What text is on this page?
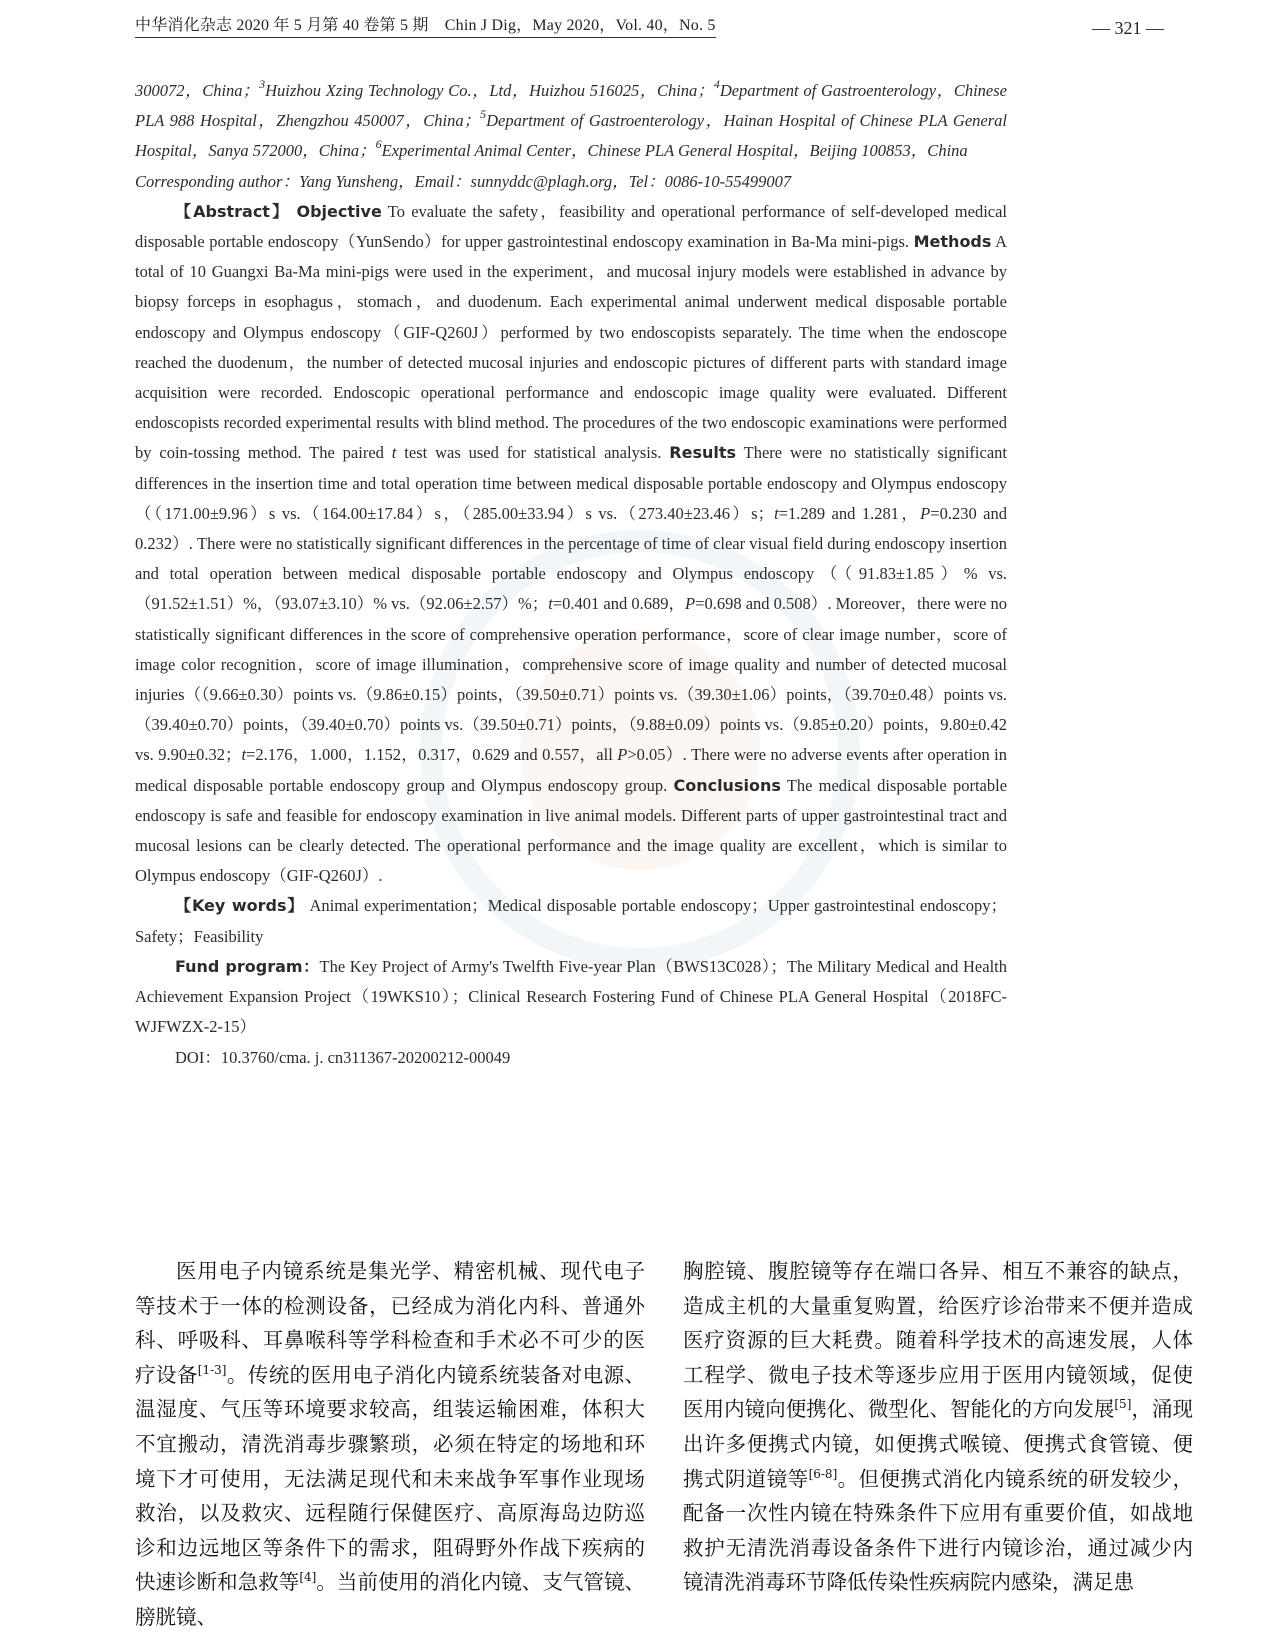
中华消化杂志 2020 年 5 月第 40 卷第 5 期　Chin J Dig，May 2020，Vol. 40，No. 5	— 321 —

300072，China；$^3$Huizhou Xzing Technology Co.，Ltd，Huizhou 516025，China；$^4$Department of Gastroenterology，Chinese PLA 988 Hospital，Zhengzhou 450007，China；$^5$Department of Gastroenterology，Hainan Hospital of Chinese PLA General Hospital，Sanya 572000，China；$^6$Experimental Animal Center，Chinese PLA General Hospital，Beijing 100853，China

Corresponding author：Yang Yunsheng，Email：sunnyddc@plagh.org，Tel：0086-10-55499007

【Abstract】 Objective To evaluate the safety，feasibility and operational performance of self-developed medical disposable portable endoscopy（YunSendo）for upper gastrointestinal endoscopy examination in Ba-Ma mini-pigs. Methods A total of 10 Guangxi Ba-Ma mini-pigs were used in the experiment，and mucosal injury models were established in advance by biopsy forceps in esophagus，stomach，and duodenum. Each experimental animal underwent medical disposable portable endoscopy and Olympus endoscopy（GIF-Q260J）performed by two endoscopists separately. The time when the endoscope reached the duodenum，the number of detected mucosal injuries and endoscopic pictures of different parts with standard image acquisition were recorded. Endoscopic operational performance and endoscopic image quality were evaluated. Different endoscopists recorded experimental results with blind method. The procedures of the two endoscopic examinations were performed by coin-tossing method. The paired t test was used for statistical analysis. Results There were no statistically significant differences in the insertion time and total operation time between medical disposable portable endoscopy and Olympus endoscopy（（171.00±9.96）s vs.（164.00±17.84）s，（285.00±33.94）s vs.（273.40±23.46）s；t=1.289 and 1.281，P=0.230 and 0.232）. There were no statistically significant differences in the percentage of time of clear visual field during endoscopy insertion and total operation between medical disposable portable endoscopy and Olympus endoscopy（（91.83±1.85）% vs.（91.52±1.51）%，（93.07±3.10）% vs.（92.06±2.57）%；t=0.401 and 0.689，P=0.698 and 0.508）. Moreover，there were no statistically significant differences in the score of comprehensive operation performance，score of clear image number，score of image color recognition，score of image illumination，comprehensive score of image quality and number of detected mucosal injuries（（9.66±0.30）points vs.（9.86±0.15）points，（39.50±0.71）points vs.（39.30±1.06）points，（39.70±0.48）points vs.（39.40±0.70）points，（39.40±0.70）points vs.（39.50±0.71）points，（9.88±0.09）points vs.（9.85±0.20）points，9.80±0.42 vs. 9.90±0.32；t=2.176，1.000，1.152，0.317，0.629 and 0.557，all P>0.05）. There were no adverse events after operation in medical disposable portable endoscopy group and Olympus endoscopy group. Conclusions The medical disposable portable endoscopy is safe and feasible for endoscopy examination in live animal models. Different parts of upper gastrointestinal tract and mucosal lesions can be clearly detected. The operational performance and the image quality are excellent，which is similar to Olympus endoscopy（GIF-Q260J）.

【Key words】 Animal experimentation；Medical disposable portable endoscopy；Upper gastrointestinal endoscopy；Safety；Feasibility

Fund program：The Key Project of Army's Twelfth Five-year Plan（BWS13C028）；The Military Medical and Health Achievement Expansion Project（19WKS10）；Clinical Research Fostering Fund of Chinese PLA General Hospital（2018FC-WJFWZX-2-15）

DOI：10.3760/cma. j. cn311367-20200212-00049

医用电子内镜系统是集光学、精密机械、现代电子等技术于一体的检测设备，已经成为消化内科、普通外科、呼吸科、耳鼻喉科等学科检查和手术必不可少的医疗设备[1-3]。传统的医用电子消化内镜系统装备对电源、温湿度、气压等环境要求较高，组装运输困难，体积大不宜搬动，清洗消毒步骤繁琐，必须在特定的场地和环境下才可使用，无法满足现代和未来战争军事作业现场救治，以及救灾、远程随行保健医疗、高原海岛边防巡诊和边远地区等条件下的需求，阻碍野外作战下疾病的快速诊断和急救等[4]。当前使用的消化内镜、支气管镜、膀胱镜、

胸腔镜、腹腔镜等存在端口各异、相互不兼容的缺点，造成主机的大量重复购置，给医疗诊治带来不便并造成医疗资源的巨大耗费。随着科学技术的高速发展，人体工程学、微电子技术等逐步应用于医用内镜领域，促使医用内镜向便携化、微型化、智能化的方向发展[5]，涌现出许多便携式内镜，如便携式喉镜、便携式食管镜、便携式阴道镜等[6-8]。但便携式消化内镜系统的研发较少，配备一次性内镜在特殊条件下应用有重要价值，如战地救护无清洗消毒设备条件下进行内镜诊治，通过减少内镜清洗消毒环节降低传染性疾病院内感染，满足患
